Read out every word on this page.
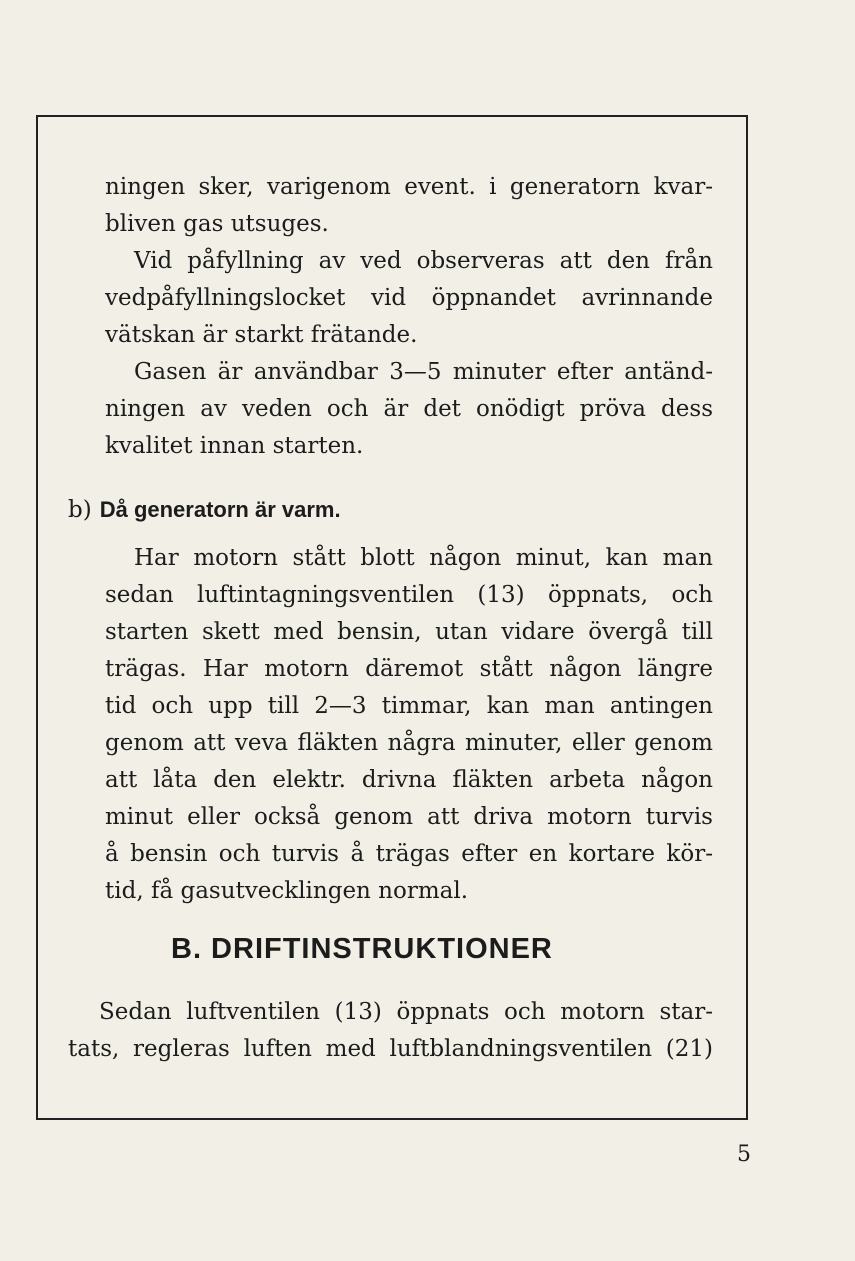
ningen sker, varigenom event. i generatorn kvar-
bliven gas utsuges.
Vid påfyllning av ved observeras att den från
vedpåfyllningslocket vid öppnandet avrinnande
vätskan är starkt frätande.
Gasen är användbar 3—5 minuter efter antänd-
ningen av veden och är det onödigt pröva dess
kvalitet innan starten.
b) Då generatorn är varm.
Har motorn stått blott någon minut, kan man
sedan luftintagningsventilen (13) öppnats, och
starten skett med bensin, utan vidare övergå till
trägas. Har motorn däremot stått någon längre
tid och upp till 2—3 timmar, kan man antingen
genom att veva fläkten några minuter, eller genom
att låta den elektr. drivna fläkten arbeta någon
minut eller också genom att driva motorn turvis
å bensin och turvis å trägas efter en kortare kör-
tid, få gasutvecklingen normal.
B. DRIFTINSTRUKTIONER
Sedan luftventilen (13) öppnats och motorn star-
tats, regleras luften med luftblandningsventilen (21)
5
